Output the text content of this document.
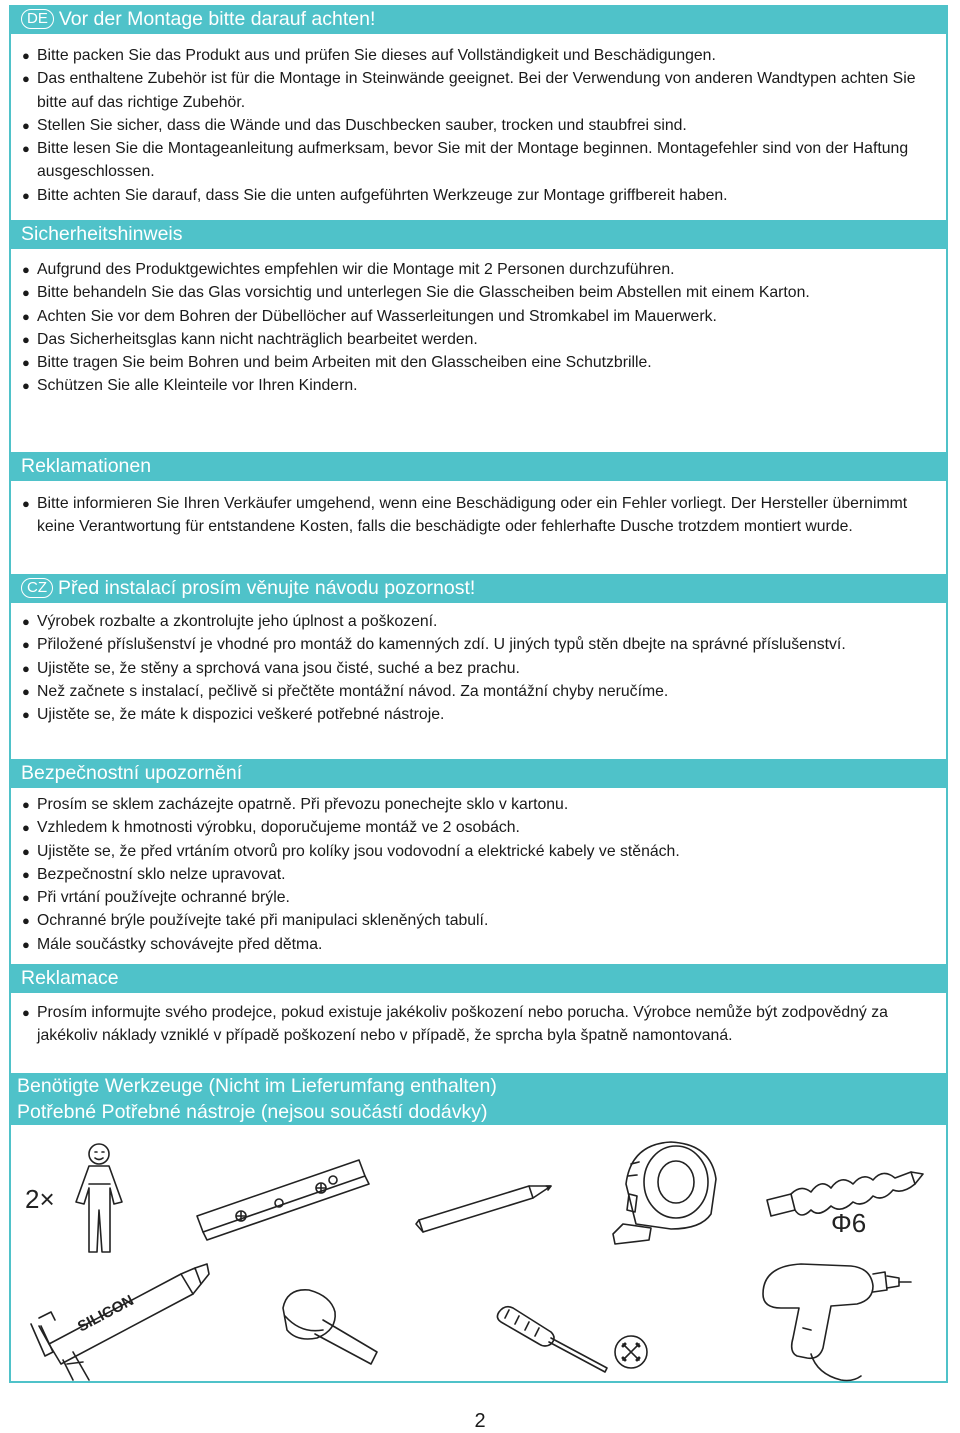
DE Vor der Montage bitte darauf achten!
● Bitte packen Sie das Produkt aus und prüfen Sie dieses auf Vollständigkeit und Beschädigungen.
● Das enthaltene Zubehör ist für die Montage in Steinwände geeignet. Bei der Verwendung von anderen Wandtypen achten Sie bitte auf das richtige Zubehör.
● Stellen Sie sicher, dass die Wände und das Duschbecken sauber, trocken und staubfrei sind.
● Bitte lesen Sie die Montageanleitung aufmerksam, bevor Sie mit der Montage beginnen. Montagefehler sind von der Haftung ausgeschlossen.
● Bitte achten Sie darauf, dass Sie die unten aufgeführten Werkzeuge zur Montage griffbereit haben.
Sicherheitshinweis
● Aufgrund des Produktgewichtes empfehlen wir die Montage mit 2 Personen durchzuführen.
● Bitte behandeln Sie das Glas vorsichtig und unterlegen Sie die Glasscheiben beim Abstellen mit einem Karton.
● Achten Sie vor dem Bohren der Dübellöcher auf Wasserleitungen und Stromkabel im Mauerwerk.
● Das Sicherheitsglas kann nicht nachträglich bearbeitet werden.
● Bitte tragen Sie beim Bohren und beim Arbeiten mit den Glasscheiben eine Schutzbrille.
● Schützen Sie alle Kleinteile vor Ihren Kindern.
Reklamationen
● Bitte informieren Sie Ihren Verkäufer umgehend, wenn eine Beschädigung oder ein Fehler vorliegt. Der Hersteller übernimmt keine Verantwortung für entstandene Kosten, falls die beschädigte oder fehlerhafte Dusche trotzdem montiert wurde.
CZ Před instalací prosím věnujte návodu pozornost!
● Výrobek rozbalte a zkontrolujte jeho úplnost a poškození.
● Přiložené příslušenství je vhodné pro montáž do kamenných zdí. U jiných typů stěn dbejte na správné příslušenství.
● Ujistěte se, že stěny a sprchová vana jsou čisté, suché a bez prachu.
● Než začnete s instalací, pečlivě si přečtěte montážní návod. Za montážní chyby neručíme.
● Ujistěte se, že máte k dispozici veškeré potřebné nástroje.
Bezpečnostní upozornění
● Prosím se sklem zacházejte opatrně. Při převozu ponechejte sklo v kartonu.
● Vzhledem k hmotnosti výrobku, doporučujeme montáž ve 2 osobách.
● Ujistěte se, že před vrtáním otvorů pro kolíky jsou vodovodní a elektrické kabely ve stěnách.
● Bezpečnostní sklo nelze upravovat.
● Při vrtání používejte ochranné brýle.
● Ochranné brýle používejte také při manipulaci skleněných tabulí.
● Mále součástky schovávejte před dětma.
Reklamace
● Prosím informujte svého prodejce, pokud existuje jakékoliv poškození nebo porucha. Výrobce nemůže být zodpovědný za jakékoliv náklady vzniklé v případě poškození nebo v případě, že sprcha byla špatně namontovaná.
Benötigte Werkzeuge (Nicht im Lieferumfang enthalten)
Potřebné Potřebné nástroje (nejsou součástí dodávky)
2×
Φ6
SILICON
2
